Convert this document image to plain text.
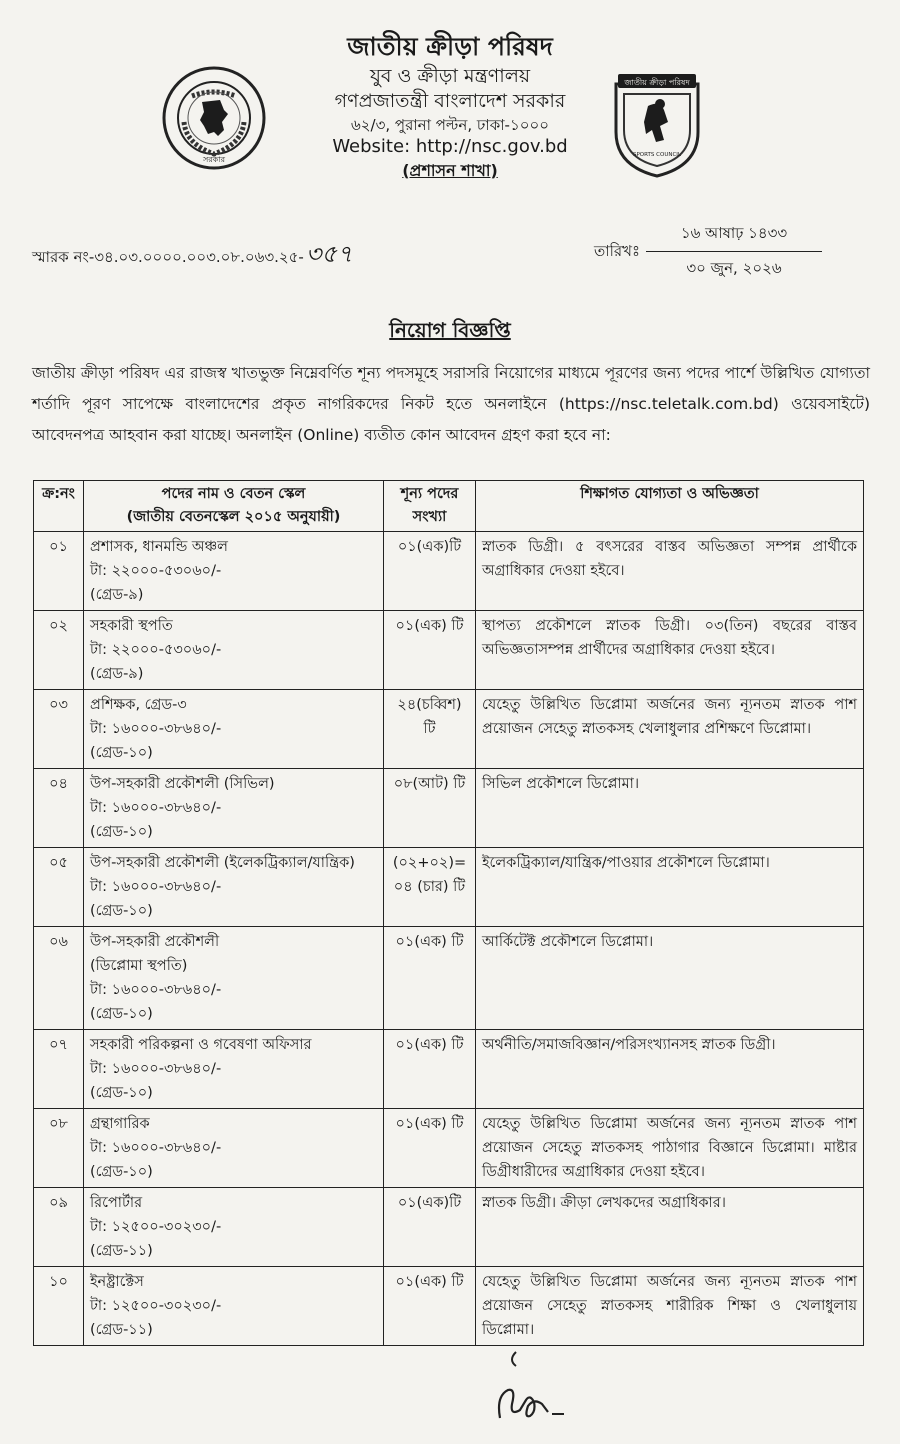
সরকার
জাতীয় ক্রীড়া পরিষদ
SPORTS COUNCIL
জাতীয় ক্রীড়া পরিষদ
যুব ও ক্রীড়া মন্ত্রণালয়
গণপ্রজাতন্ত্রী বাংলাদেশ সরকার
৬২/৩, পুরানা পল্টন, ঢাকা-১০০০
Website: http://nsc.gov.bd
(প্রশাসন শাখা)
স্মারক নং-৩৪.০৩.০০০০.০০৩.০৮.০৬৩.২৫-৩৫৭	তারিখঃ
১৬ আষাঢ় ১৪৩৩
৩০ জুন, ২০২৬
নিয়োগ বিজ্ঞপ্তি
জাতীয় ক্রীড়া পরিষদ এর রাজস্ব খাতভুক্ত নিম্নেবর্ণিত শূন্য পদসমূহে সরাসরি নিয়োগের মাধ্যমে পূরণের জন্য পদের পার্শে উল্লিখিত যোগ্যতা শর্তাদি পূরণ সাপেক্ষে বাংলাদেশের প্রকৃত নাগরিকদের নিকট হতে অনলাইনে (https://nsc.teletalk.com.bd) ওয়েবসাইটে) আবেদনপত্র আহবান করা যাচ্ছে। অনলাইন (Online) ব্যতীত কোন আবেদন গ্রহণ করা হবে না:
ক্র:নং	পদের নাম ও বেতন স্কেল
(জাতীয় বেতনস্কেল ২০১৫ অনুযায়ী)	শূন্য পদের
সংখ্যা	শিক্ষাগত যোগ্যতা ও অভিজ্ঞতা
০১	প্রশাসক, ধানমন্ডি অঞ্চল
টা: ২২০০০-৫৩০৬০/-
(গ্রেড-৯)	০১(এক)টি	স্নাতক ডিগ্রী। ৫ বৎসরের বাস্তব অভিজ্ঞতা সম্পন্ন প্রার্থীকে অগ্রাধিকার দেওয়া হইবে।
০২	সহকারী স্থপতি
টা: ২২০০০-৫৩০৬০/-
(গ্রেড-৯)	০১(এক) টি	স্থাপত্য প্রকৌশলে স্নাতক ডিগ্রী। ০৩(তিন) বছরের বাস্তব অভিজ্ঞতাসম্পন্ন প্রার্থীদের অগ্রাধিকার দেওয়া হইবে।
০৩	প্রশিক্ষক, গ্রেড-৩
টা: ১৬০০০-৩৮৬৪০/-
(গ্রেড-১০)	২৪(চব্বিশ) টি	যেহেতু উল্লিখিত ডিপ্লোমা অর্জনের জন্য ন্যূনতম স্নাতক পাশ প্রয়োজন সেহেতু স্নাতকসহ খেলাধুলার প্রশিক্ষণে ডিপ্লোমা।
০৪	উপ-সহকারী প্রকৌশলী (সিভিল)
টা: ১৬০০০-৩৮৬৪০/-
(গ্রেড-১০)	০৮(আট) টি	সিভিল প্রকৌশলে ডিপ্লোমা।
০৫	উপ-সহকারী প্রকৌশলী (ইলেকট্রিক্যাল/যান্ত্রিক)
টা: ১৬০০০-৩৮৬৪০/-
(গ্রেড-১০)	(০২+০২)=
০৪ (চার) টি	ইলেকট্রিক্যাল/যান্ত্রিক/পাওয়ার প্রকৌশলে ডিপ্লোমা।
০৬	উপ-সহকারী প্রকৌশলী
(ডিপ্লোমা স্থপতি)
টা: ১৬০০০-৩৮৬৪০/-
(গ্রেড-১০)	০১(এক) টি	আর্কিটেক্ট প্রকৌশলে ডিপ্লোমা।
০৭	সহকারী পরিকল্পনা ও গবেষণা অফিসার
টা: ১৬০০০-৩৮৬৪০/-
(গ্রেড-১০)	০১(এক) টি	অর্থনীতি/সমাজবিজ্ঞান/পরিসংখ্যানসহ স্নাতক ডিগ্রী।
০৮	গ্রন্থাগারিক
টা: ১৬০০০-৩৮৬৪০/-
(গ্রেড-১০)	০১(এক) টি	যেহেতু উল্লিখিত ডিপ্লোমা অর্জনের জন্য ন্যূনতম স্নাতক পাশ প্রয়োজন সেহেতু স্নাতকসহ পাঠাগার বিজ্ঞানে ডিপ্লোমা। মাষ্টার ডিগ্রীধারীদের অগ্রাধিকার দেওয়া হইবে।
০৯	রিপোর্টার
টা: ১২৫০০-৩০২৩০/-
(গ্রেড-১১)	০১(এক)টি	স্নাতক ডিগ্রী। ক্রীড়া লেখকদের অগ্রাধিকার।
১০	ইনষ্ট্রাক্টেস
টা: ১২৫০০-৩০২৩০/-
(গ্রেড-১১)	০১(এক) টি	যেহেতু উল্লিখিত ডিপ্লোমা অর্জনের জন্য ন্যূনতম স্নাতক পাশ প্রয়োজন সেহেতু স্নাতকসহ শারীরিক শিক্ষা ও খেলাধুলায় ডিপ্লোমা।
